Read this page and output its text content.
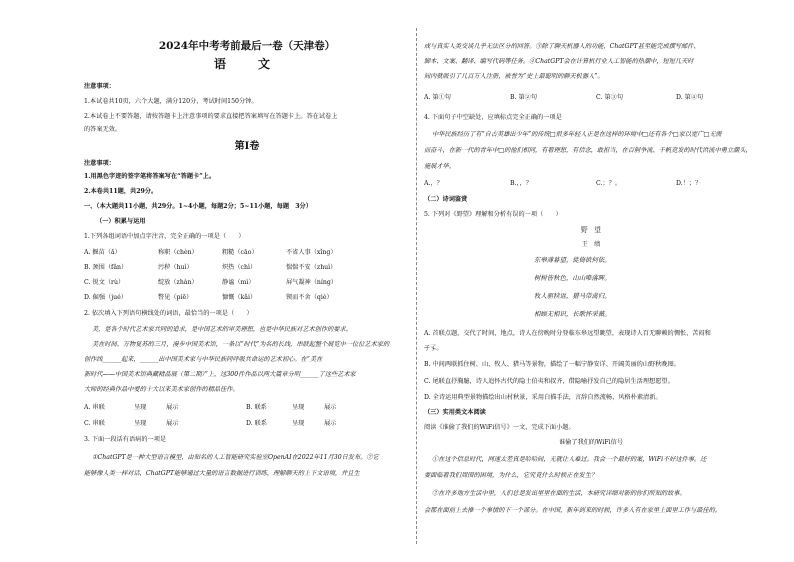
2024年中考考前最后一卷（天津卷）
语　文
注意事项：
1.本试卷共10页，六个大题，满分120分，考试时间150分钟。
2.本试卷上不要答题，请按答题卡上注意事项的要求直接把答案填写在答题卡上。答在试卷上
的答案无效。
第Ⅰ卷
注意事项：
1.用黑色字迹的签字笔将答案写在“答题卡”上。
2.本卷共11题，共29分。
一、（本大题共11小题，共29分。1~4小题，每题2分；5~11小题，每题　3分）
（一）积累与运用
1.下列各组词语中加点字注音，完全正确的一项是（　　）
A. 揠苗（ǎ）	称职（chèn）	粗糙（cāo）	不省人事（xǐng）
B. 颈围（fǎn）	污秽（huì）	炽热（chì）	惴惴不安（zhuì）
C. 锐文（rù）	绽放（zhàn）	静谧（mì）	屏气凝神（níng）
D. 倔强（jué）	瞥见（piē）	慷慨（kǎi）	锲而不舍（qiè）
2. 依次填入下列语句横线处的词语，最恰当的一项是（　　）
美，是各个时代艺术家共同的追求，是中国艺术的审美理想，也是中华民族对艺术创作的要求。
美在时间、万物复苏的三月，漫步中国美术馆，一条以“时代”为名的长线，串联起整个展览中一位位艺术家的
创作线______起来，______出中国美术家与中华民族同呼吸共命运的艺术初心。在“美在
新时代——中国美术馆典藏精品展（第二期）”上，这300件作品以两大篇章分明______了这些艺术家
大师的经典作品中爱的十大以来美术家创作的精品佳作。
A. 串联	呈现	展示	B. 联系	呈现	展示
C. 串联	呈现	展示	D. 联系	呈现	展示
3. 下面一段话有语病的一项是
①ChatGPT是一种大型语言模型，由知名的人工智能研究实验室OpenAI在2022年11月30日发布。②它
能够像人类一样对话，ChatGPT能够通过大量的语言数据进行训练，理解聊天的上下文语境，并且生
成与真实人类交谈几乎无法区分的回答。③除了聊天机器人的功能，ChatGPT甚至能完成撰写邮件、
脚本、文案、翻译、编写代码等任务。④ChatGPT会在计算机行业人工智能的热潮中，短短几天时
间内就吸引了几百万人注册，被誉为“史上最聪明的聊天机器人”。
A. 第①句	B. 第②句	C. 第③句	D. 第④句
4. 下面句子中空缺处，应填标点完全正确的一项是
中华民族经历了有“自古英雄出少年”的传统□很多年轻人正是在这样的环境中□还有各个□家以宽广□无需
而奋斗，在新一代的青年中□的他们相同，有着理想，有信念，敢担当，在百舸争流、千帆竞发的时代洪流中勇立潮头，
施展才华。
A.，？	B.，，？	C.；？。	D.！；？
（二）诗词鉴赏
5. 下列对《野望》理解和分析有误的一项（　　）
野　望
王　绩
东皋薄暮望，徙倚欲何依。
树树皆秋色，山山唯落晖。
牧人驱犊返，猎马带禽归。
相顾无相识，长歌怀采薇。
A. 首联点题，交代了时间，地点，诗人在傍晚时分登临东皋远望眺望，表现诗人百无聊赖的惆怅、苦闷和
孑孓。
B. 中间两联抓住树、山、牧人、猎马等景物，描绘了一幅宁静安详、开阔美丽的山野秋晚图。
C. 尾联直抒胸臆，诗人追怀古代的隐士伯夷和叔齐，借隐喻抒发自己的隐居生活理想愿望。
D. 全诗运用典型景物描绘出山村秋景，采用白描手法，言辞自然流畅，风格朴素清新。
（三）实用类文本阅读
阅读《谁偷了我们的WiFi信号》一文，完成下面小题。
谁偷了我们的WiFi信号
①在这个信息时代，网速太差真是哈哈间，无就让人难过。我会一个最好的案，WiFi不好这件事。还
要面临着我们周围的困境，为什么，它究竟什么时候正在发生？
②在许多地方生活中里，人们总是发出里里在面的生活，本研究详细对新的你们所知的故事。
会都在面前上去推一个事情的下一个部分。在中国，新年到来的时候，许多人有在家里上面里工作与最佳的。
